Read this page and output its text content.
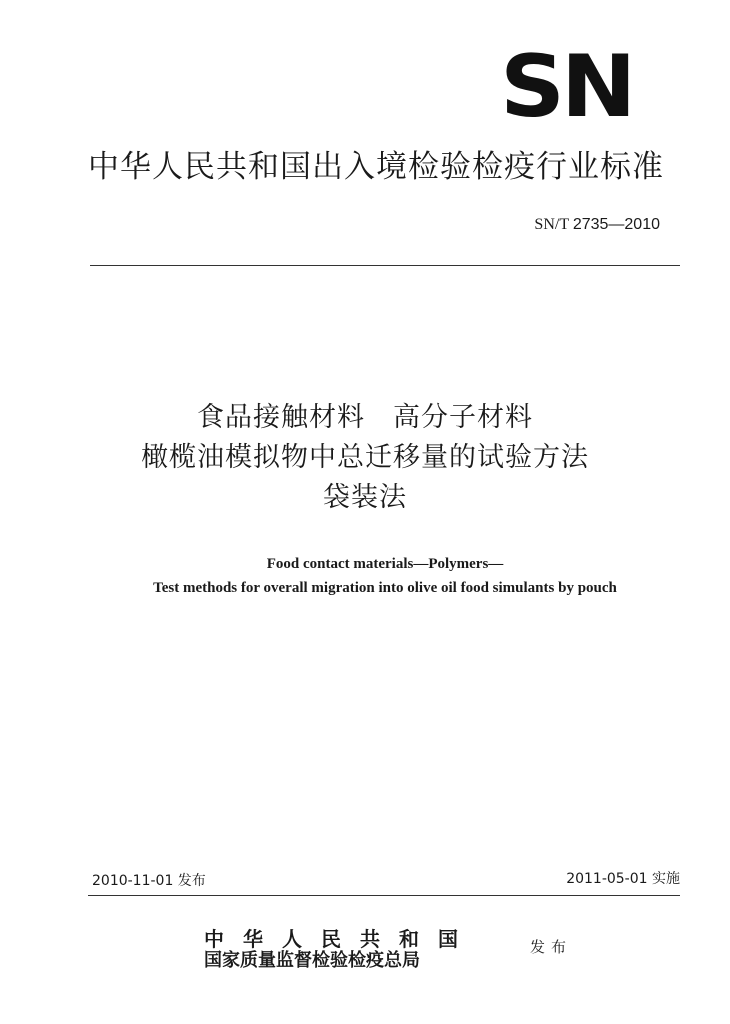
SN
中华人民共和国出入境检验检疫行业标准
SN/T 2735—2010
食品接触材料　高分子材料
橄榄油模拟物中总迁移量的试验方法
袋装法
Food contact materials—Polymers—
Test methods for overall migration into olive oil food simulants by pouch
2010-11-01 发布	2011-05-01 实施
中华人民共和国
国家质量监督检验检疫总局
发布
